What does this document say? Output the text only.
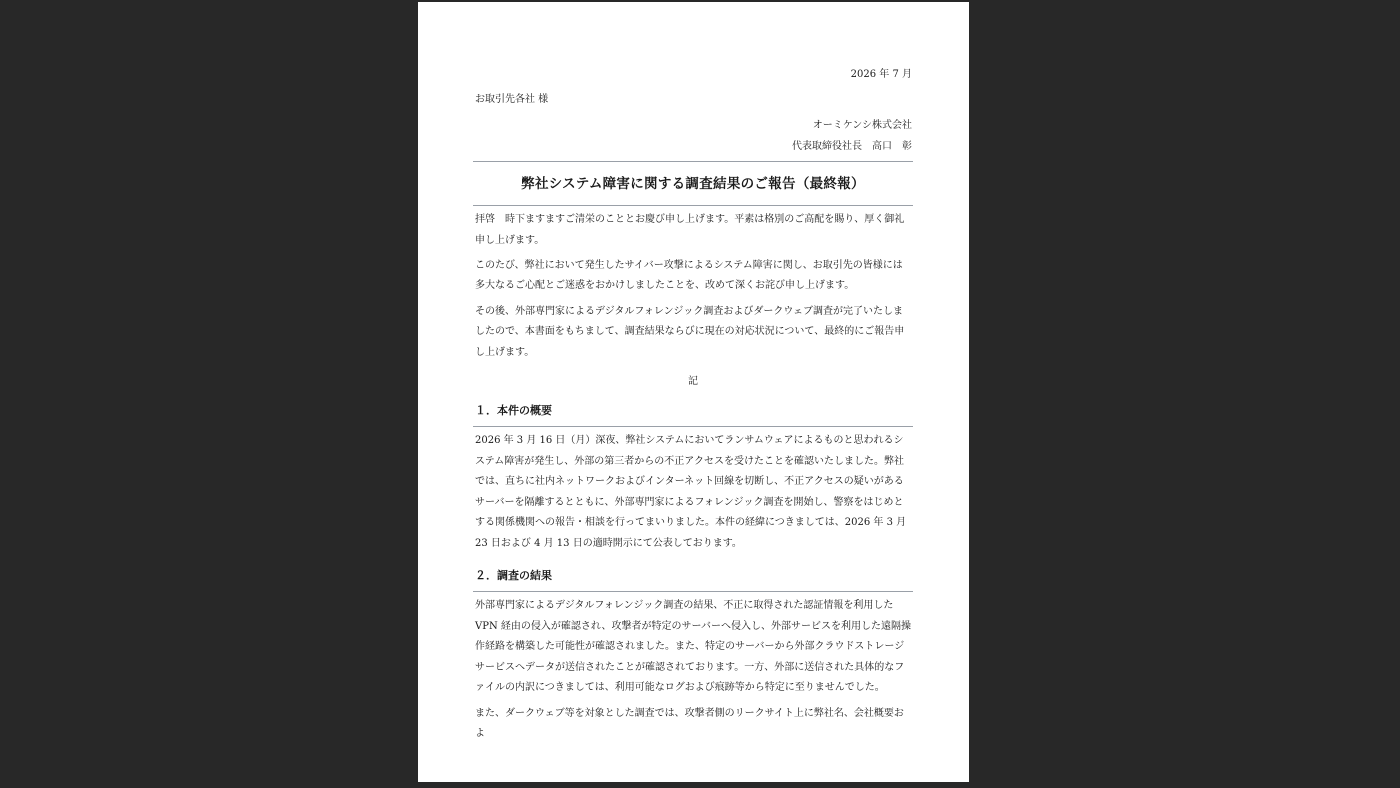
2026 年 7 月
お取引先各社 様
オーミケンシ株式会社
代表取締役社長　高口　彰
弊社システム障害に関する調査結果のご報告（最終報）

拝啓　時下ますますご清栄のこととお慶び申し上げます。平素は格別のご高配を賜り、厚く御礼申し上げます。

このたび、弊社において発生したサイバー攻撃によるシステム障害に関し、お取引先の皆様には多大なるご心配とご迷惑をおかけしましたことを、改めて深くお詫び申し上げます。

その後、外部専門家によるデジタルフォレンジック調査およびダークウェブ調査が完了いたしましたので、本書面をもちまして、調査結果ならびに現在の対応状況について、最終的にご報告申し上げます。

記
１．本件の概要

2026 年 3 月 16 日（月）深夜、弊社システムにおいてランサムウェアによるものと思われるシステム障害が発生し、外部の第三者からの不正アクセスを受けたことを確認いたしました。弊社では、直ちに社内ネットワークおよびインターネット回線を切断し、不正アクセスの疑いがあるサーバーを隔離するとともに、外部専門家によるフォレンジック調査を開始し、警察をはじめとする関係機関への報告・相談を行ってまいりました。本件の経緯につきましては、2026 年 3 月 23 日および 4 月 13 日の適時開示にて公表しております。

２．調査の結果

外部専門家によるデジタルフォレンジック調査の結果、不正に取得された認証情報を利用した VPN 経由の侵入が確認され、攻撃者が特定のサーバーへ侵入し、外部サービスを利用した遠隔操作経路を構築した可能性が確認されました。また、特定のサーバーから外部クラウドストレージサービスへデータが送信されたことが確認されております。一方、外部に送信された具体的なファイルの内訳につきましては、利用可能なログおよび痕跡等から特定に至りませんでした。

また、ダークウェブ等を対象とした調査では、攻撃者側のリークサイト上に弊社名、会社概要およ
